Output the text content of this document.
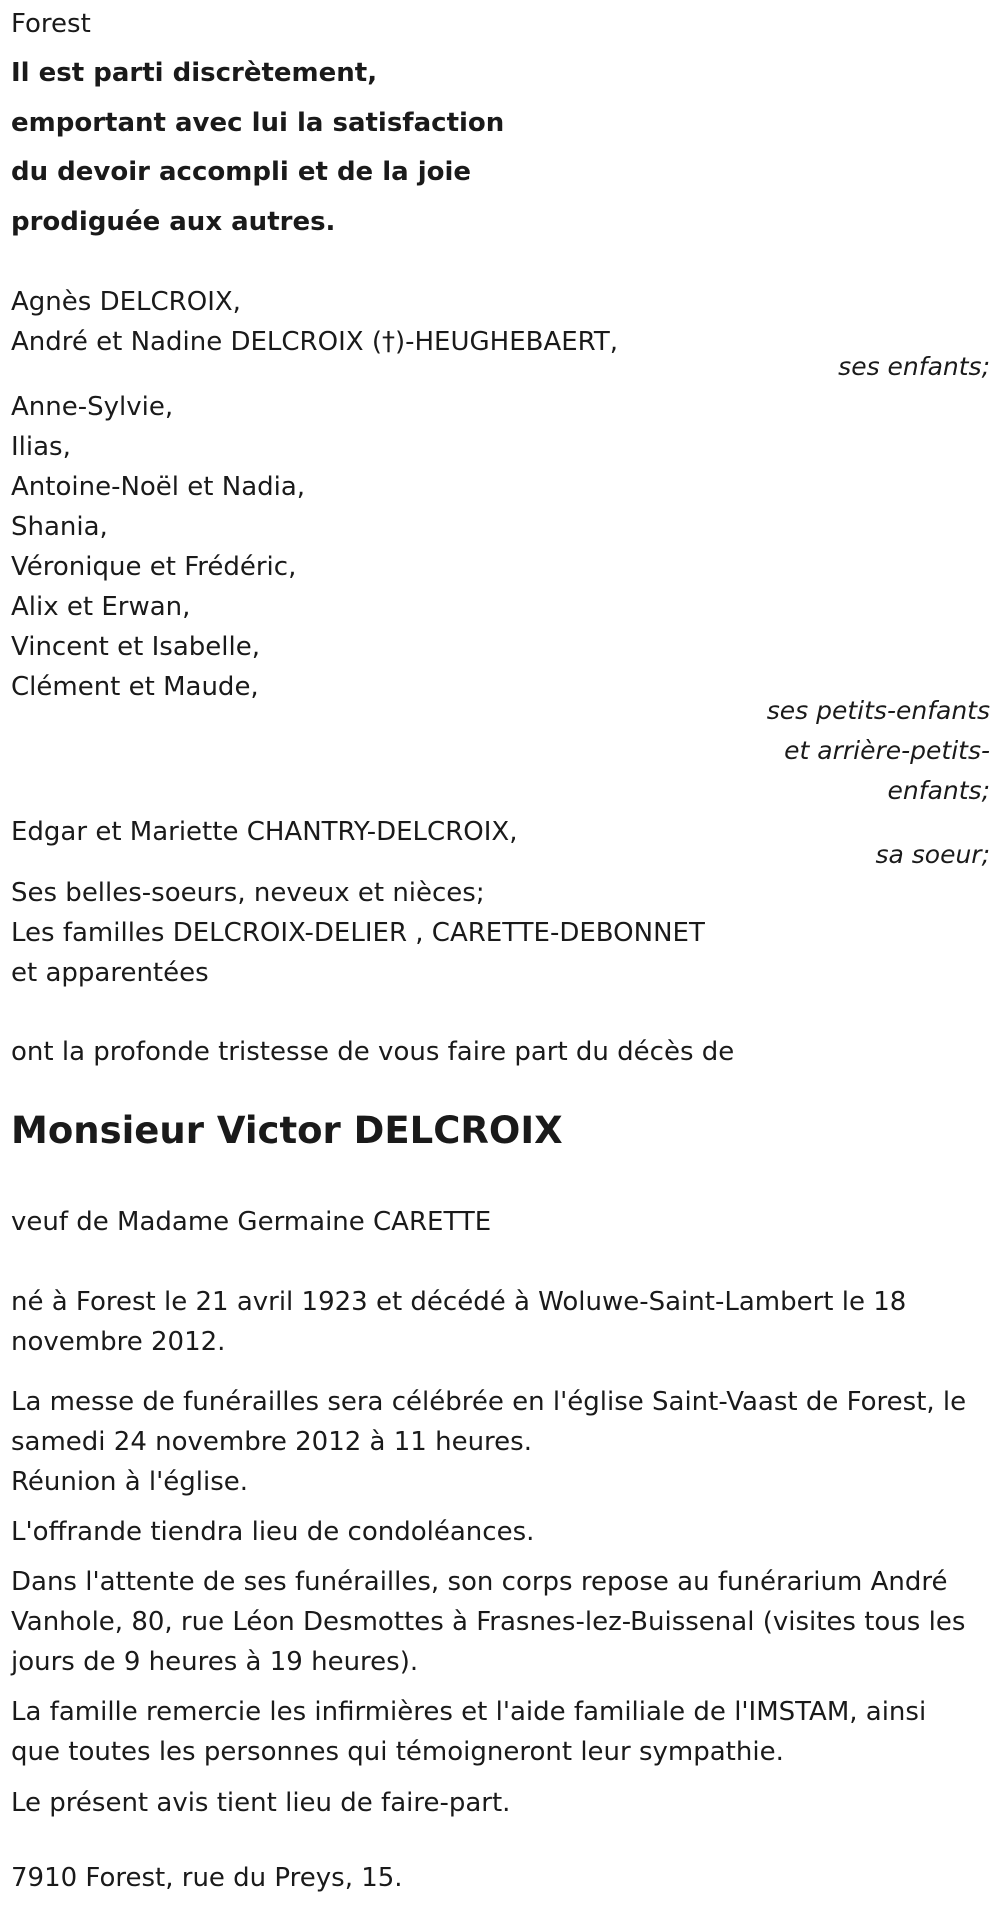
Forest

Il est parti discrètement,

emportant avec lui la satisfaction

du devoir accompli et de la joie

prodiguée aux autres.

Agnès DELCROIX,

André et Nadine DELCROIX (†)-HEUGHEBAERT,

ses enfants;

Anne-Sylvie,

Ilias,

Antoine-Noël et Nadia,

Shania,

Véronique et Frédéric,

Alix et Erwan,

Vincent et Isabelle,

Clément et Maude,

ses petits-enfants

et arrière-petits-

enfants;

Edgar et Mariette CHANTRY-DELCROIX,

sa soeur;

Ses belles-soeurs, neveux et nièces;

Les familles DELCROIX-DELIER , CARETTE-DEBONNET

et apparentées

ont la profonde tristesse de vous faire part du décès de

Monsieur Victor DELCROIX

veuf de Madame Germaine CARETTE

né à Forest le 21 avril 1923 et décédé à Woluwe-Saint-Lambert le 18
novembre 2012.
La messe de funérailles sera célébrée en l'église Saint-Vaast de Forest, le
samedi 24 novembre 2012 à 11 heures.
Réunion à l'église.
L'offrande tiendra lieu de condoléances.
Dans l'attente de ses funérailles, son corps repose au funérarium André
Vanhole, 80, rue Léon Desmottes à Frasnes-lez-Buissenal (visites tous les
jours de 9 heures à 19 heures).
La famille remercie les infirmières et l'aide familiale de l'IMSTAM, ainsi
que toutes les personnes qui témoigneront leur sympathie.
Le présent avis tient lieu de faire-part.

7910 Forest, rue du Preys, 15.
